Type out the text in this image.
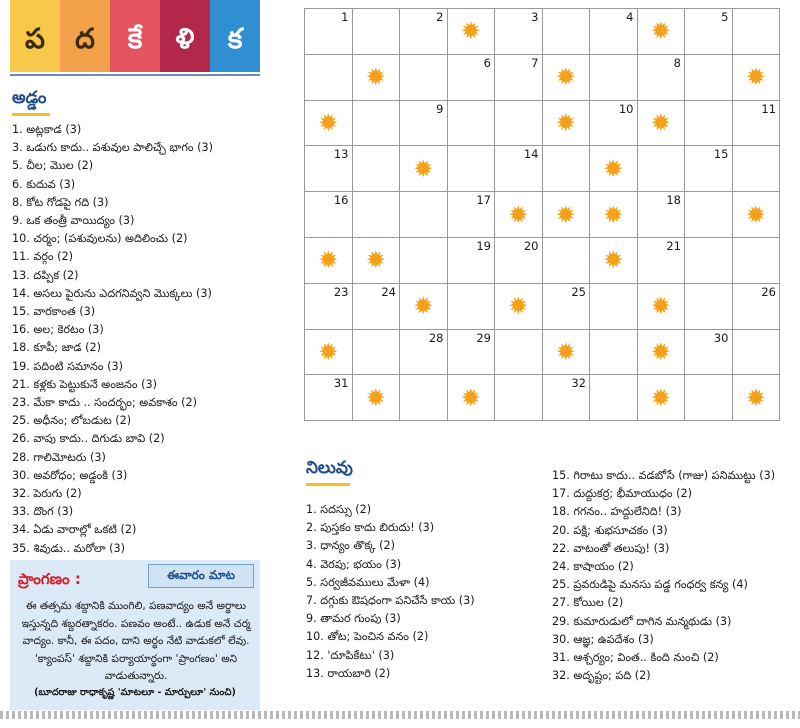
ప	ద	కే	ళి	క
అడ్డం
1. అట్లకాడ (3)
3. ఒడుగు కాదు.. పశువుల పాలిచ్చే భాగం (3)
5. చీల; మొల (2)
6. కుదువ (3)
8. కోట గోడపై గది (3)
9. ఒక తంత్రీ వాయిద్యం (3)
10. చర్మం; (పశువులను) అదిలించు (2)
11. వర్గం (2)
13. దప్పిక (2)
14. అసలు పైరును ఎదగనివ్వని మొక్కలు (3)
15. వారకాంత (3)
16. అల; కెరటం (3)
18. కూపీ; జాడ (2)
19. పదింటి సమానం (3)
21. కళ్లకు పెట్టుకునే అంజనం (3)
23. మేకా కాదు .. సందర్భం; అవకాశం (2)
25. అధీనం; లోబడుట (2)
26. వాపు కాదు.. దిగుడు బావి (2)
28. గాలిమోటరు (3)
30. అవరోధం; అడ్డంకి (3)
32. పెరుగు (2)
33. దొంగ (3)
34. ఏడు వారాల్లో ఒకటి (2)
35. శివుడు.. మరోలా (3)
ప్రాంగణం :	ఈవారం మాట
ఈ తత్సమ శబ్దానికి ముంగిలి, పణవాద్యం అనే అర్థాలు ఇస్తున్నది శబ్దరత్నాకరం. పణవం అంటే.. ఉడుక అనే చర్మ వాద్యం. కానీ, ఈ పదం, దాని అర్థం నేటి వాడుకలో లేవు. 'క్యాంపస్' శబ్దానికి పర్యాయార్థంగా 'ప్రాంగణం' అని వాడుతున్నారు.
(బూదరాజు రాధాకృష్ణ 'మాటలూ - మార్పులూ' నుంచి)
1		2	✹	3		4	✹	5	

	✹		6	7	✹		8		✹

✹		9			✹	10	✹		11

13		✹		14		✹		15	

16			17	✹	✹	✹	18		✹

✹	✹		19	20		✹	21		

23	24	✹		✹	25		✹		26

✹		28	29		✹		✹	30	

31	✹		✹		32		✹		✹
నిలువు
1. సదస్సు (2)
2. పుస్తకం కాదు బిరుదు! (3)
3. ధాన్యం తొక్క (2)
4. వెరపు; భయం (3)
5. సర్వజీవములు మేళా (4)
7. దగ్గుకు ఔషధంగా పనిచేసే కాయ (3)
9. తామర గుంపు (3)
10. తోట; పెంచిన వనం (2)
12. 'దూపికేటు' (3)
13. రాయబారి (2)
15. గిరాటు కాదు.. వడబోసే (గాజు) పనిముట్టు (3)
17. దుద్దుకర్ర; భీమాయుధం (2)
18. గగనం.. హద్దులేనిది! (3)
20. పక్షి; శుభసూచకం (3)
22. వాటంతో తలుపు! (3)
24. కాషాయం (2)
25. ప్రవరుడిపై మనసు పడ్డ గంధర్వ కన్య (4)
27. కోయిల (2)
29. కుమారుడులో దాగిన మన్మథుడు (3)
30. ఆజ్ఞ; ఉపదేశం (3)
31. ఆశ్చర్యం; వింత.. కింది నుంచి (2)
32. అదృష్టం; పది (2)
